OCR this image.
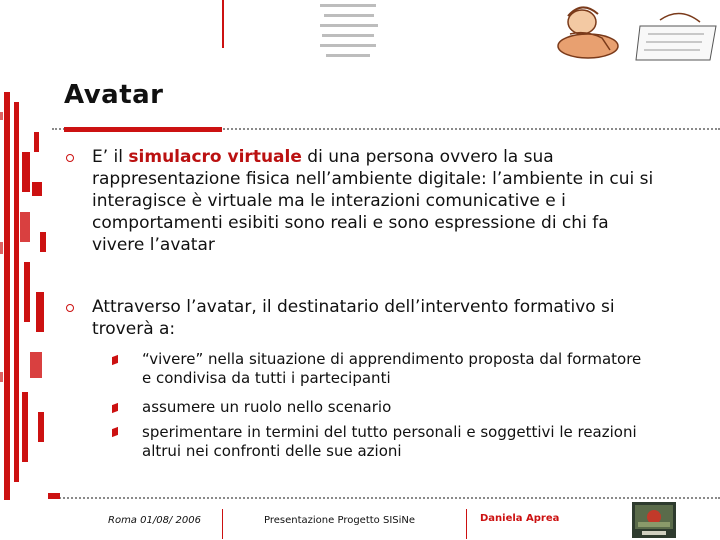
Avatar
E’ il simulacro virtuale di una persona ovvero la sua
rappresentazione fisica nell’ambiente digitale: l’ambiente in cui si
interagisce è virtuale ma le interazioni comunicative e i
comportamenti esibiti sono reali e sono espressione di chi fa
vivere l’avatar
Attraverso l’avatar, il destinatario dell’intervento formativo si
troverà a:
“vivere” nella situazione di apprendimento proposta dal formatore
e condivisa da tutti i partecipanti
assumere un ruolo nello scenario
sperimentare in termini del tutto personali e soggettivi le reazioni
altrui nei confronti delle sue azioni
Roma 01/08/ 2006	Presentazione Progetto SISiNe	Daniela Aprea
